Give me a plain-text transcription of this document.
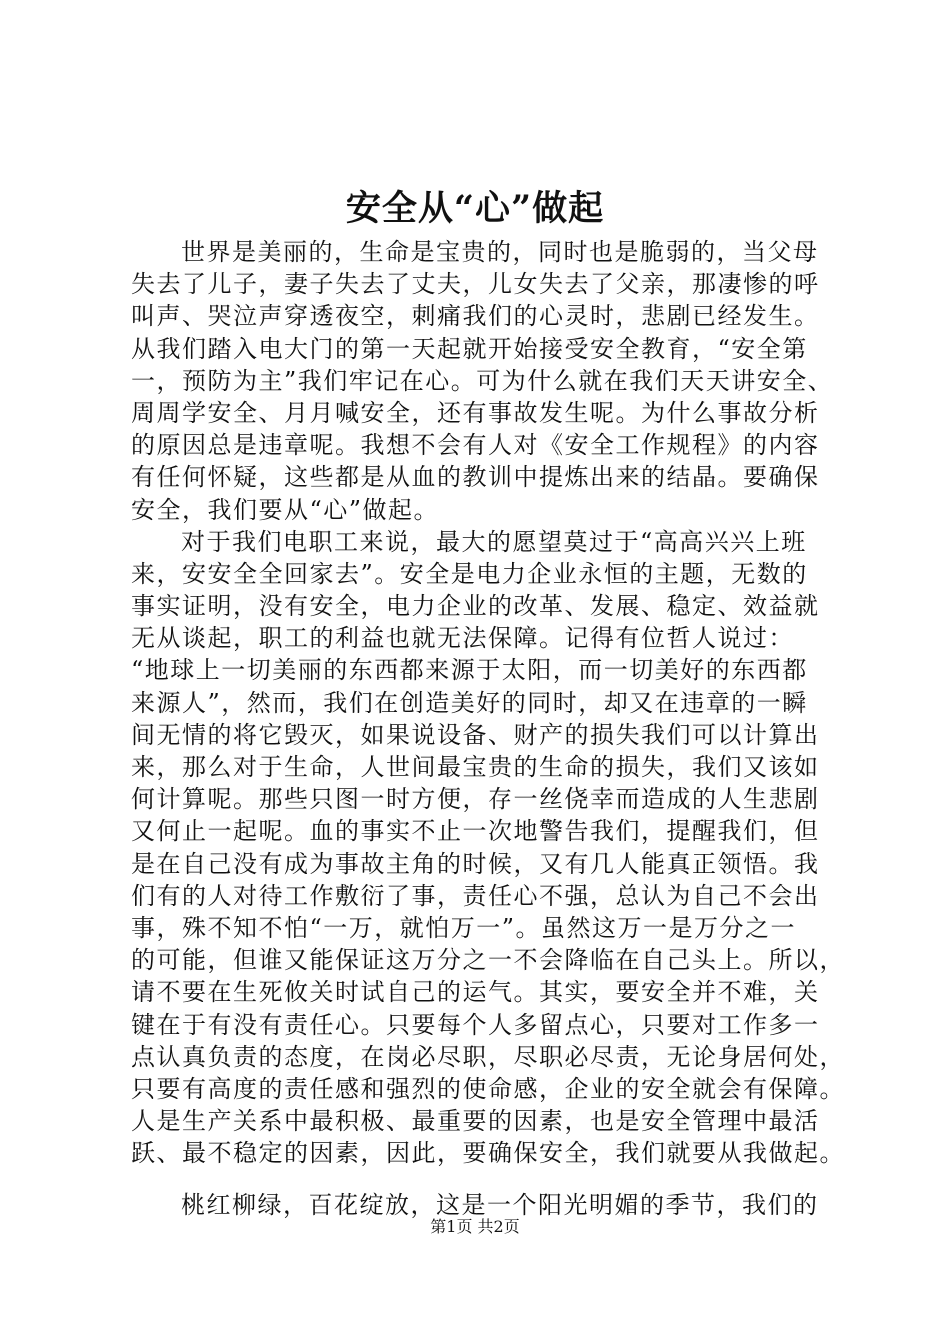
安全从“心”做起
世界是美丽的，生命是宝贵的，同时也是脆弱的，当父母
失去了儿子，妻子失去了丈夫，儿女失去了父亲，那凄惨的呼
叫声、哭泣声穿透夜空，刺痛我们的心灵时，悲剧已经发生。
从我们踏入电大门的第一天起就开始接受安全教育，“安全第
一，预防为主”我们牢记在心。可为什么就在我们天天讲安全、
周周学安全、月月喊安全，还有事故发生呢。为什么事故分析
的原因总是违章呢。我想不会有人对《安全工作规程》的内容
有任何怀疑，这些都是从血的教训中提炼出来的结晶。要确保
安全，我们要从“心”做起。
对于我们电职工来说，最大的愿望莫过于“高高兴兴上班
来，安安全全回家去”。安全是电力企业永恒的主题，无数的
事实证明，没有安全，电力企业的改革、发展、稳定、效益就
无从谈起，职工的利益也就无法保障。记得有位哲人说过：
“地球上一切美丽的东西都来源于太阳，而一切美好的东西都
来源人”，然而，我们在创造美好的同时，却又在违章的一瞬
间无情的将它毁灭，如果说设备、财产的损失我们可以计算出
来，那么对于生命，人世间最宝贵的生命的损失，我们又该如
何计算呢。那些只图一时方便，存一丝侥幸而造成的人生悲剧
又何止一起呢。血的事实不止一次地警告我们，提醒我们，但
是在自己没有成为事故主角的时候，又有几人能真正领悟。我
们有的人对待工作敷衍了事，责任心不强，总认为自己不会出
事，殊不知不怕“一万，就怕万一”。虽然这万一是万分之一
的可能，但谁又能保证这万分之一不会降临在自己头上。所以，
请不要在生死攸关时试自己的运气。其实，要安全并不难，关
键在于有没有责任心。只要每个人多留点心，只要对工作多一
点认真负责的态度，在岗必尽职，尽职必尽责，无论身居何处，
只要有高度的责任感和强烈的使命感，企业的安全就会有保障。
人是生产关系中最积极、最重要的因素，也是安全管理中最活
跃、最不稳定的因素，因此，要确保安全，我们就要从我做起。
桃红柳绿，百花绽放，这是一个阳光明媚的季节，我们的
第1页 共2页
